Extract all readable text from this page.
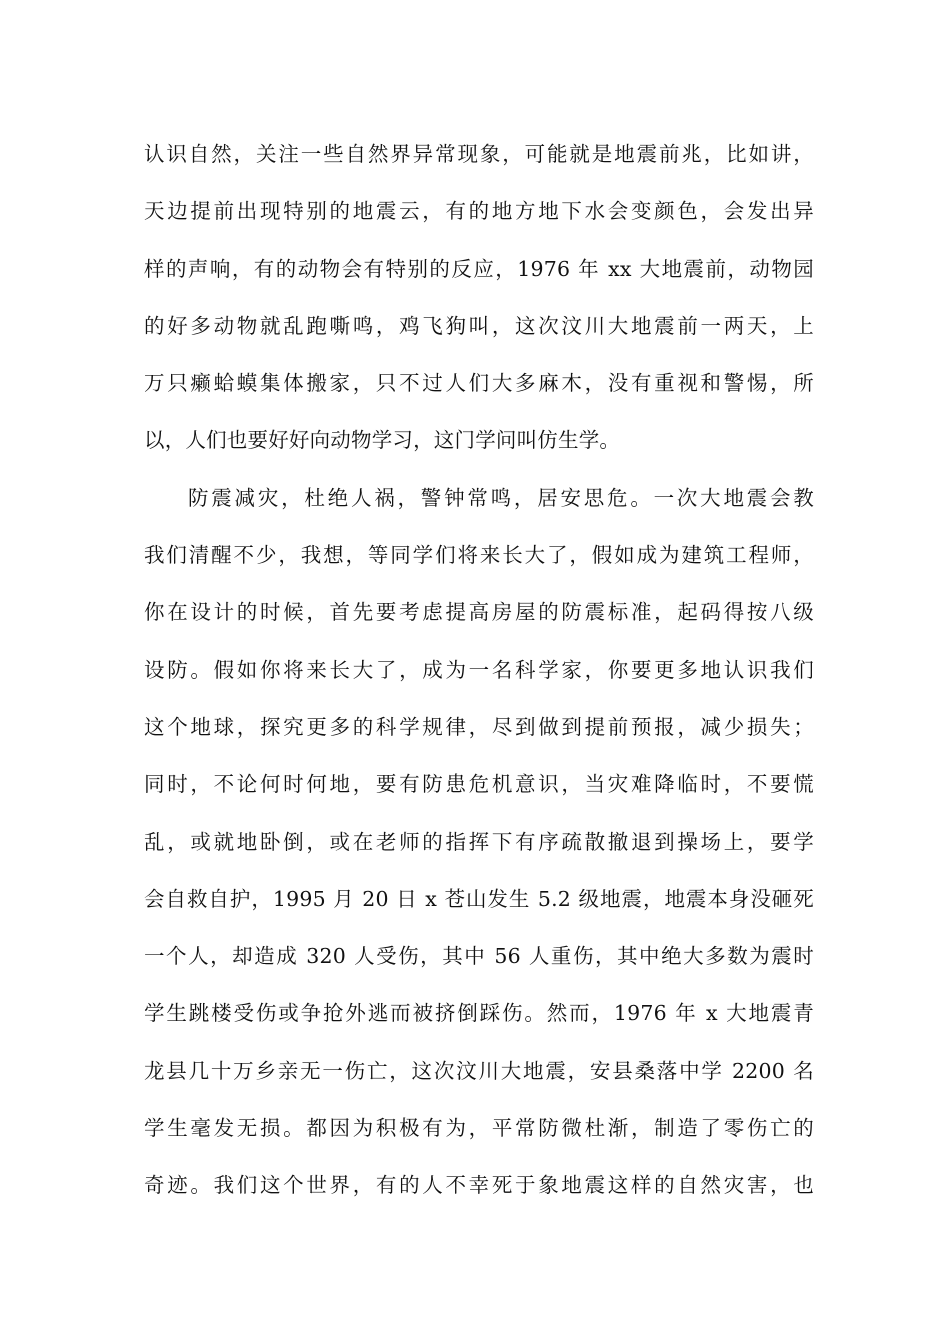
认识自然，关注一些自然界异常现象，可能就是地震前兆，比如讲，
天边提前出现特别的地震云，有的地方地下水会变颜色，会发出异
样的声响，有的动物会有特别的反应，1976 年 xx 大地震前，动物园
的好多动物就乱跑嘶鸣，鸡飞狗叫，这次汶川大地震前一两天，上
万只癞蛤蟆集体搬家，只不过人们大多麻木，没有重视和警惕，所
以，人们也要好好向动物学习，这门学问叫仿生学。
防震减灾，杜绝人祸，警钟常鸣，居安思危。一次大地震会教
我们清醒不少，我想，等同学们将来长大了，假如成为建筑工程师，
你在设计的时候，首先要考虑提高房屋的防震标准，起码得按八级
设防。假如你将来长大了，成为一名科学家，你要更多地认识我们
这个地球，探究更多的科学规律，尽到做到提前预报，减少损失；
同时，不论何时何地，要有防患危机意识，当灾难降临时，不要慌
乱，或就地卧倒，或在老师的指挥下有序疏散撤退到操场上，要学
会自救自护，1995 月 20 日 x 苍山发生 5.2 级地震，地震本身没砸死
一个人，却造成 320 人受伤，其中 56 人重伤，其中绝大多数为震时
学生跳楼受伤或争抢外逃而被挤倒踩伤。然而，1976 年 x 大地震青
龙县几十万乡亲无一伤亡，这次汶川大地震，安县桑落中学 2200 名
学生毫发无损。都因为积极有为，平常防微杜渐，制造了零伤亡的
奇迹。我们这个世界，有的人不幸死于象地震这样的自然灾害，也
